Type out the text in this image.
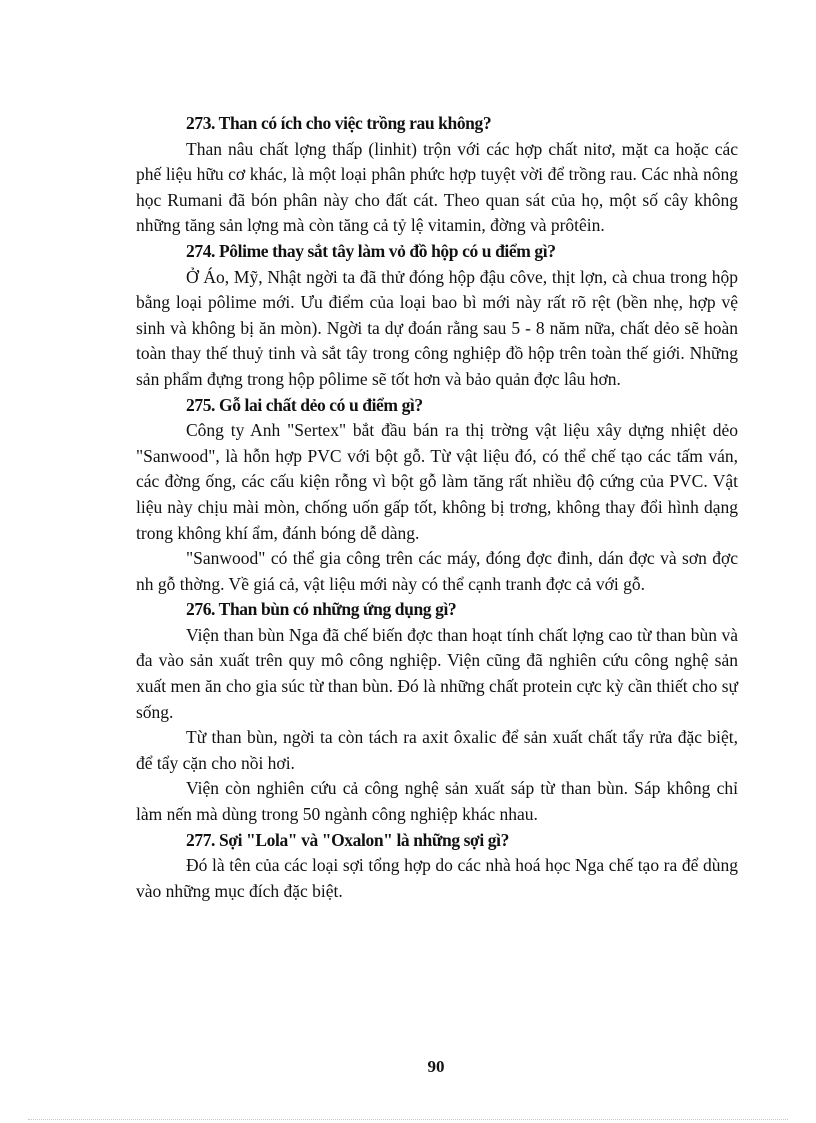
273. Than có ích cho việc trồng rau không?

Than nâu chất lợng thấp (linhit) trộn với các hợp chất nitơ, mặt ca hoặc các phế liệu hữu cơ khác, là một loại phân phức hợp tuyệt vời để trồng rau. Các nhà nông học Rumani đã bón phân này cho đất cát. Theo quan sát của họ, một số cây không những tăng sản lợng mà còn tăng cả tỷ lệ vitamin, đờng và prôtêin.

274. Pôlime thay sắt tây làm vỏ đồ hộp có u điểm gì?

Ở Áo, Mỹ, Nhật ngời ta đã thử đóng hộp đậu côve, thịt lợn, cà chua trong hộp bằng loại pôlime mới. Ưu điểm của loại bao bì mới này rất rõ rệt (bền nhẹ, hợp vệ sinh và không bị ăn mòn). Ngời ta dự đoán rằng sau 5 - 8 năm nữa, chất dẻo sẽ hoàn toàn thay thế thuỷ tinh và sắt tây trong công nghiệp đồ hộp trên toàn thế giới. Những sản phẩm đựng trong hộp pôlime sẽ tốt hơn và bảo quản đợc lâu hơn.

275. Gỗ lai chất dẻo có u điểm gì?

Công ty Anh "Sertex" bắt đầu bán ra thị trờng vật liệu xây dựng nhiệt dẻo "Sanwood", là hỗn hợp PVC với bột gỗ. Từ vật liệu đó, có thể chế tạo các tấm ván, các đờng ống, các cấu kiện rỗng vì bột gỗ làm tăng rất nhiều độ cứng của PVC. Vật liệu này chịu mài mòn, chống uốn gấp tốt, không bị trơng, không thay đổi hình dạng trong không khí ẩm, đánh bóng dễ dàng.

"Sanwood" có thể gia công trên các máy, đóng đợc đinh, dán đợc và sơn đợc nh gỗ thờng. Về giá cả, vật liệu mới này có thể cạnh tranh đợc cả với gỗ.

276. Than bùn có những ứng dụng gì?

Viện than bùn Nga đã chế biến đợc than hoạt tính chất lợng cao từ than bùn và đa vào sản xuất trên quy mô công nghiệp. Viện cũng đã nghiên cứu công nghệ sản xuất men ăn cho gia súc từ than bùn. Đó là những chất protein cực kỳ cần thiết cho sự sống.

Từ than bùn, ngời ta còn tách ra axit ôxalic để sản xuất chất tẩy rửa đặc biệt, để tẩy cặn cho nồi hơi.

Viện còn nghiên cứu cả công nghệ sản xuất sáp từ than bùn. Sáp không chỉ làm nến mà dùng trong 50 ngành công nghiệp khác nhau.

277. Sợi "Lola" và "Oxalon" là những sợi gì?

Đó là tên của các loại sợi tổng hợp do các nhà hoá học Nga chế tạo ra để dùng vào những mục đích đặc biệt.

90
